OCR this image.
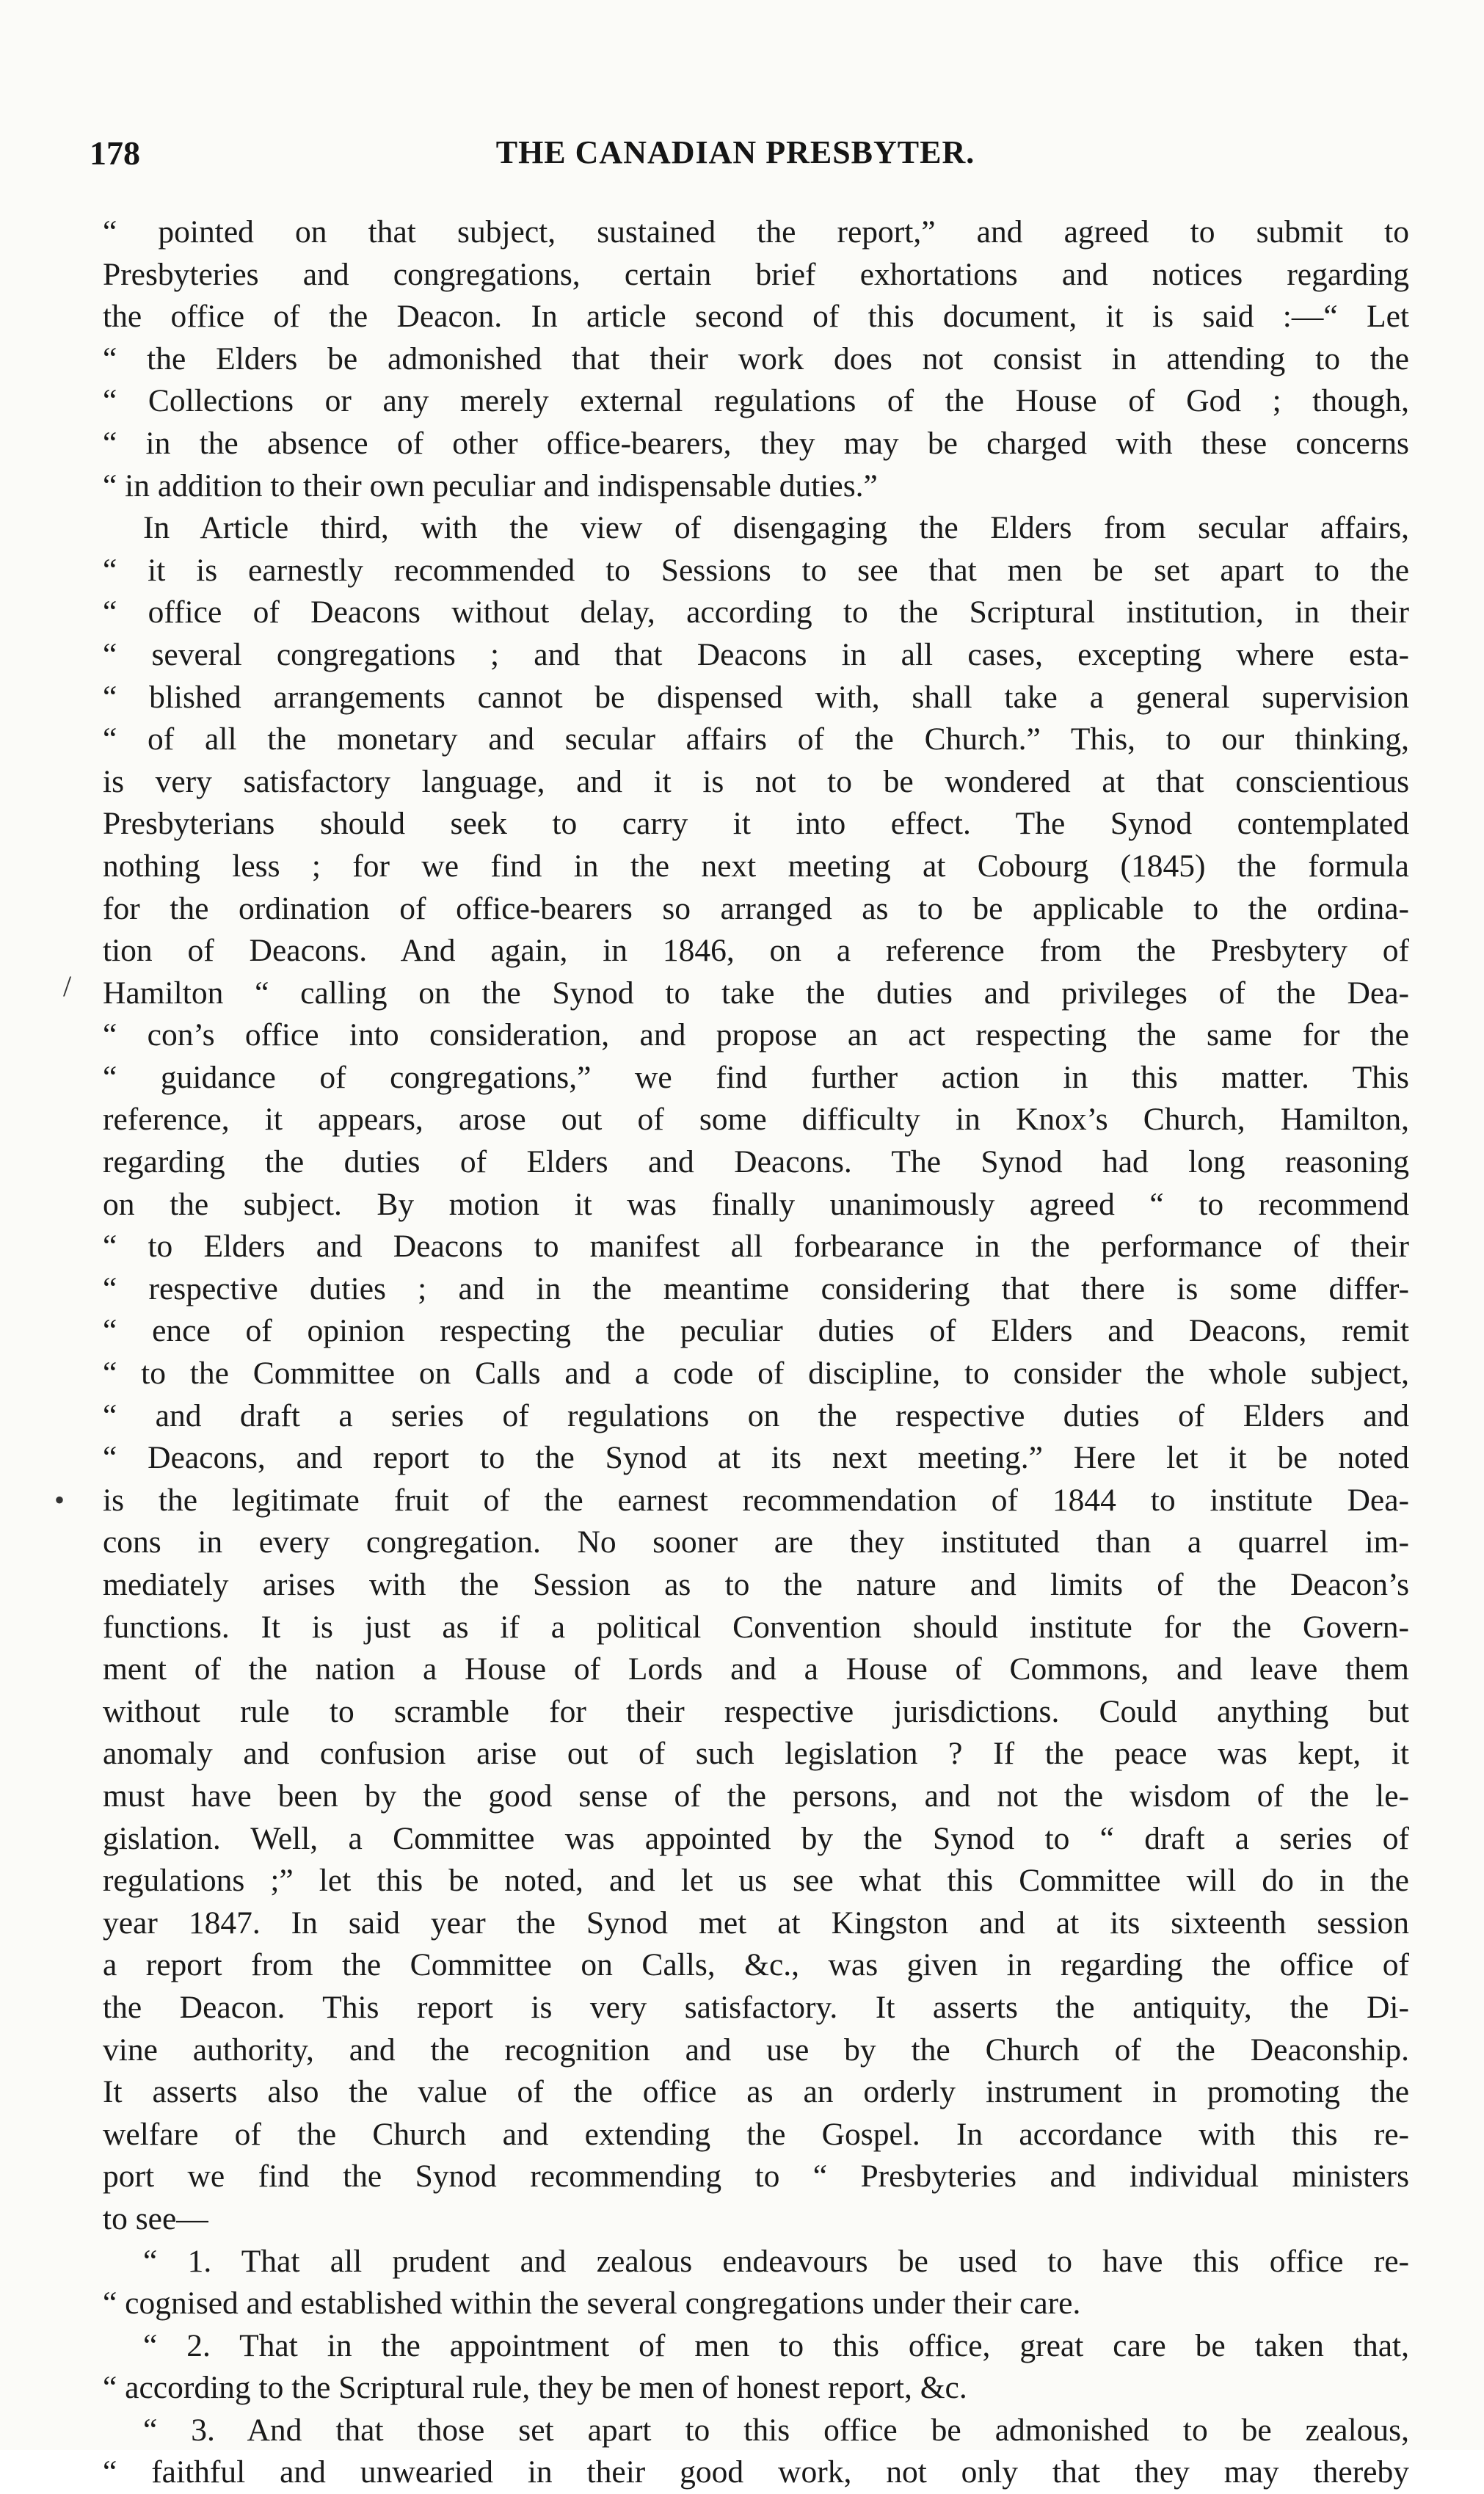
178	THE CANADIAN PRESBYTER.
“ pointed on that subject, sustained the report,” and agreed to submit to
Presbyteries and congregations, certain brief exhortations and notices regarding
the office of the Deacon. In article second of this document, it is said :—“ Let
“ the Elders be admonished that their work does not consist in attending to the
“ Collections or any merely external regulations of the House of God ; though,
“ in the absence of other office-bearers, they may be charged with these concerns
“ in addition to their own peculiar and indispensable duties.”
In Article third, with the view of disengaging the Elders from secular affairs,
“ it is earnestly recommended to Sessions to see that men be set apart to the
“ office of Deacons without delay, according to the Scriptural institution, in their
“ several congregations ; and that Deacons in all cases, excepting where esta-
“ blished arrangements cannot be dispensed with, shall take a general supervision
“ of all the monetary and secular affairs of the Church.” This, to our thinking,
is very satisfactory language, and it is not to be wondered at that conscientious
Presbyterians should seek to carry it into effect. The Synod contemplated
nothing less ; for we find in the next meeting at Cobourg (1845) the formula
for the ordination of office-bearers so arranged as to be applicable to the ordina-
tion of Deacons. And again, in 1846, on a reference from the Presbytery of
Hamilton “ calling on the Synod to take the duties and privileges of the Dea-
“ con’s office into consideration, and propose an act respecting the same for the
“ guidance of congregations,” we find further action in this matter. This
reference, it appears, arose out of some difficulty in Knox’s Church, Hamilton,
regarding the duties of Elders and Deacons. The Synod had long reasoning
on the subject. By motion it was finally unanimously agreed “ to recommend
“ to Elders and Deacons to manifest all forbearance in the performance of their
“ respective duties ; and in the meantime considering that there is some differ-
“ ence of opinion respecting the peculiar duties of Elders and Deacons, remit
“ to the Committee on Calls and a code of discipline, to consider the whole subject,
“ and draft a series of regulations on the respective duties of Elders and
“ Deacons, and report to the Synod at its next meeting.” Here let it be noted
is the legitimate fruit of the earnest recommendation of 1844 to institute Dea-
cons in every congregation. No sooner are they instituted than a quarrel im-
mediately arises with the Session as to the nature and limits of the Deacon’s
functions. It is just as if a political Convention should institute for the Govern-
ment of the nation a House of Lords and a House of Commons, and leave them
without rule to scramble for their respective jurisdictions. Could anything but
anomaly and confusion arise out of such legislation ? If the peace was kept, it
must have been by the good sense of the persons, and not the wisdom of the le-
gislation. Well, a Committee was appointed by the Synod to “ draft a series of
regulations ;” let this be noted, and let us see what this Committee will do in the
year 1847. In said year the Synod met at Kingston and at its sixteenth session
a report from the Committee on Calls, &c., was given in regarding the office of
the Deacon. This report is very satisfactory. It asserts the antiquity, the Di-
vine authority, and the recognition and use by the Church of the Deaconship.
It asserts also the value of the office as an orderly instrument in promoting the
welfare of the Church and extending the Gospel. In accordance with this re-
port we find the Synod recommending to “ Presbyteries and individual ministers
to see—
“ 1. That all prudent and zealous endeavours be used to have this office re-
“ cognised and established within the several congregations under their care.
“ 2. That in the appointment of men to this office, great care be taken that,
“ according to the Scriptural rule, they be men of honest report, &c.
“ 3. And that those set apart to this office be admonished to be zealous,
“ faithful and unwearied in their good work, not only that they may thereby
/
•
